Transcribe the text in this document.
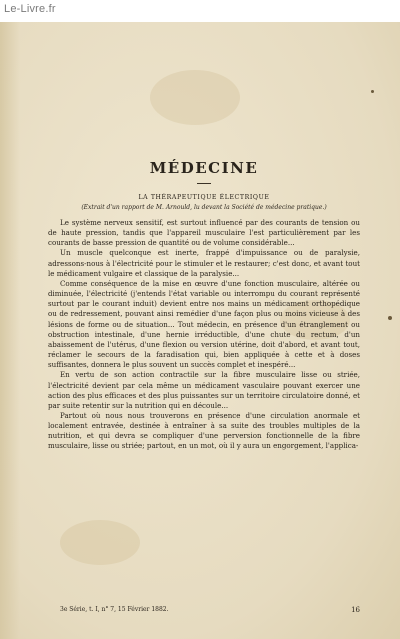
Le-Livre.fr
MÉDECINE

LA THÉRAPEUTIQUE ÉLECTRIQUE

(Extrait d'un rapport de M. Arnould, lu devant la Société de médecine pratique.)

Le système nerveux sensitif, est surtout influencé par des courants de tension ou de haute pression, tandis que l'appareil musculaire l'est particulièrement par les courants de basse pression de quantité ou de volume considérable...

Un muscle quelconque est inerte, frappé d'impuissance ou de paralysie, adressons-nous à l'électricité pour le stimuler et le restaurer; c'est donc, et avant tout le médicament vulgaire et classique de la paralysie...

Comme conséquence de la mise en œuvre d'une fonction musculaire, altérée ou diminuée, l'électricité (j'entends l'état variable ou interrompu du courant représenté surtout par le courant induit) devient entre nos mains un médicament orthopédique ou de redressement, pouvant ainsi remédier d'une façon plus ou moins vicieuse à des lésions de forme ou de situation... Tout médecin, en présence d'un étranglement ou obstruction intestinale, d'une hernie irréductible, d'une chute du rectum, d'un abaissement de l'utérus, d'une flexion ou version utérine, doit d'abord, et avant tout, réclamer le secours de la faradisation qui, bien appliquée à cette et à doses suffisantes, donnera le plus souvent un succès complet et inespéré...

En vertu de son action contractile sur la fibre musculaire lisse ou striée, l'électricité devient par cela même un médicament vasculaire pouvant exercer une action des plus efficaces et des plus puissantes sur un territoire circulatoire donné, et par suite retentir sur la nutrition qui en découle...

Partout où nous nous trouverons en présence d'une circulation anormale et localement entravée, destinée à entraîner à sa suite des troubles multiples de la nutrition, et qui devra se compliquer d'une perversion fonctionnelle de la fibre musculaire, lisse ou striée; partout, en un mot, où il y aura un engorgement, l'applica-

3e Série, t. I, n° 7, 15 Février 1882.	16
